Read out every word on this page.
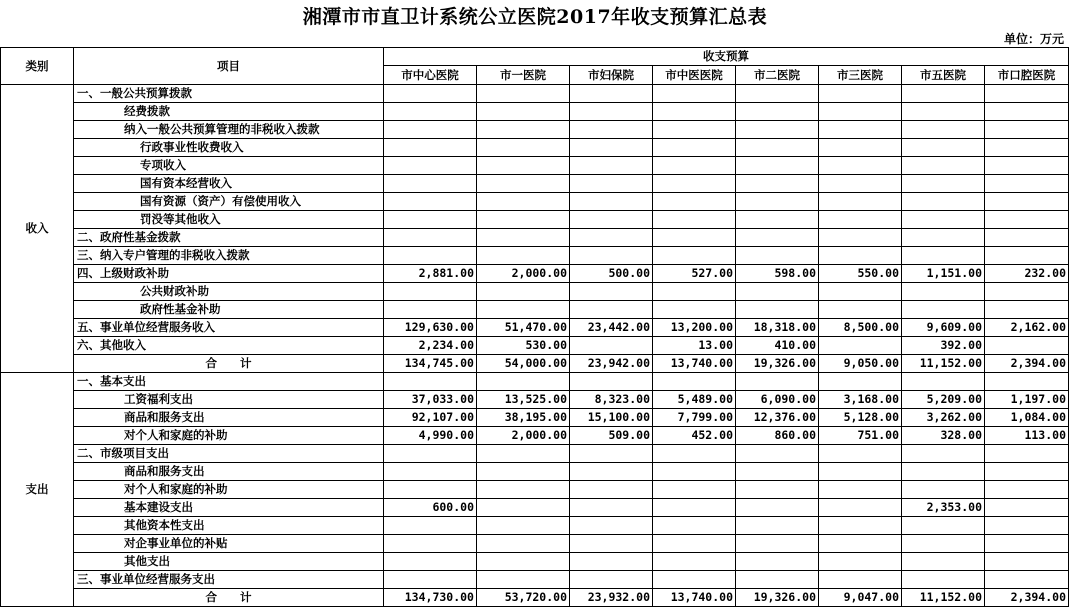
湘潭市市直卫计系统公立医院2017年收支预算汇总表
单位：万元
类别	项目	收支预算							
		市中心医院	市一医院	市妇保院	市中医医院	市二医院	市三医院	市五医院	市口腔医院
收入	一、一般公共预算拨款								
	经费拨款								
	纳入一般公共预算管理的非税收入拨款								
	行政事业性收费收入								
	专项收入								
	国有资本经营收入								
	国有资源（资产）有偿使用收入								
	罚没等其他收入								
	二、政府性基金拨款								
	三、纳入专户管理的非税收入拨款								
	四、上级财政补助	2,881.00	2,000.00	500.00	527.00	598.00	550.00	1,151.00	232.00
	公共财政补助								
	政府性基金补助								
	五、事业单位经营服务收入	129,630.00	51,470.00	23,442.00	13,200.00	18,318.00	8,500.00	9,609.00	2,162.00
	六、其他收入	2,234.00	530.00		13.00	410.00		392.00	
	合　　计	134,745.00	54,000.00	23,942.00	13,740.00	19,326.00	9,050.00	11,152.00	2,394.00
支出	一、基本支出								
	工资福利支出	37,033.00	13,525.00	8,323.00	5,489.00	6,090.00	3,168.00	5,209.00	1,197.00
	商品和服务支出	92,107.00	38,195.00	15,100.00	7,799.00	12,376.00	5,128.00	3,262.00	1,084.00
	对个人和家庭的补助	4,990.00	2,000.00	509.00	452.00	860.00	751.00	328.00	113.00
	二、市级项目支出								
	商品和服务支出								
	对个人和家庭的补助								
	基本建设支出	600.00						2,353.00	
	其他资本性支出								
	对企事业单位的补贴								
	其他支出								
	三、事业单位经营服务支出								
	合　　计	134,730.00	53,720.00	23,932.00	13,740.00	19,326.00	9,047.00	11,152.00	2,394.00
